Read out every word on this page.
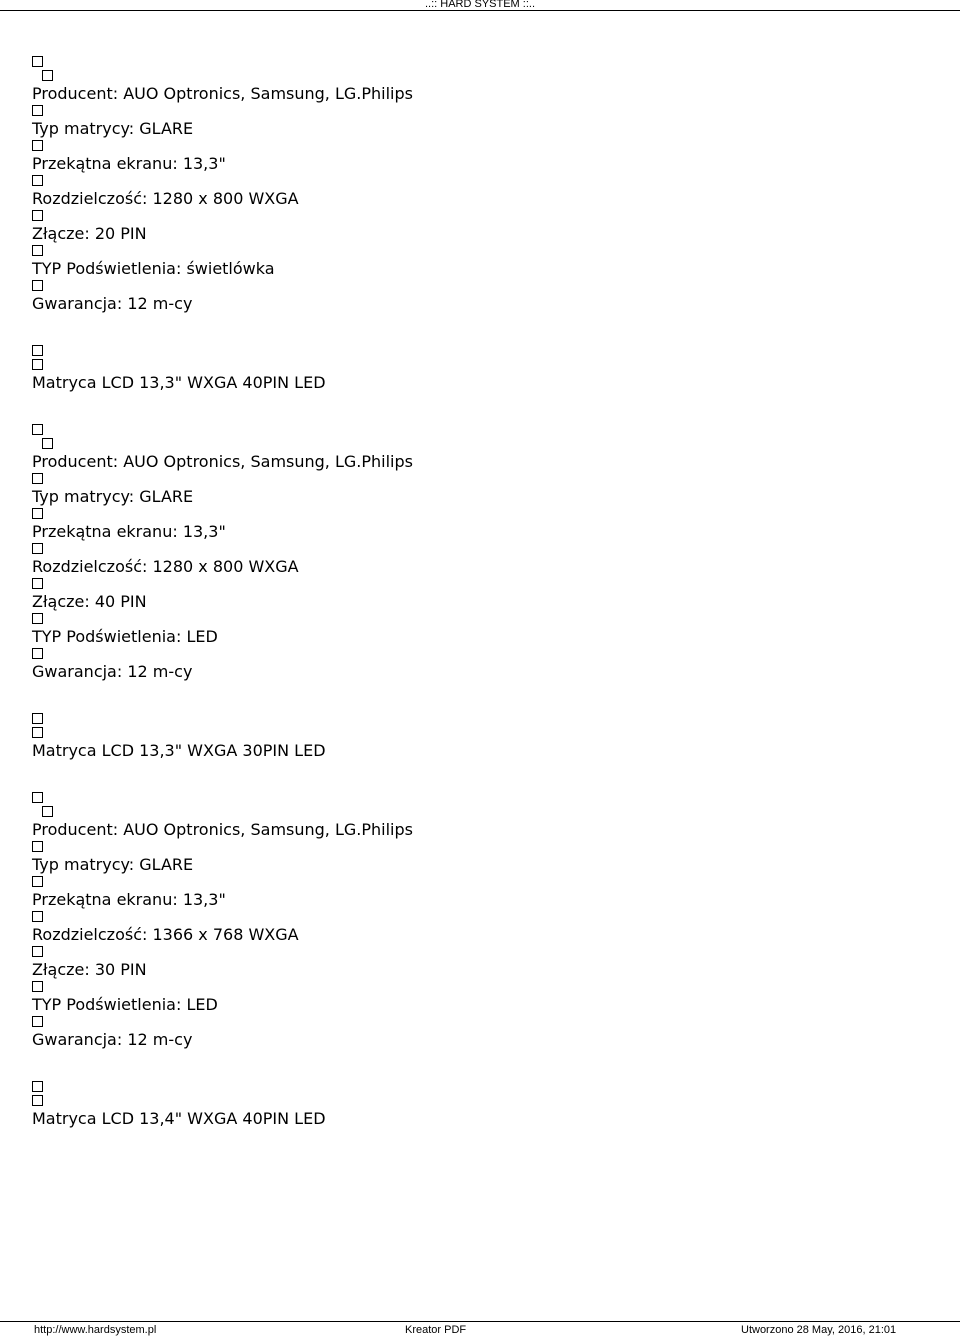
..:: HARD SYSTEM ::..
Producent: AUO Optronics, Samsung, LG.Philips
Typ matrycy: GLARE
Przekątna ekranu: 13,3"
Rozdzielczość: 1280 x 800 WXGA
Złącze: 20 PIN
TYP Podświetlenia: świetlówka
Gwarancja: 12 m-cy
Matryca LCD 13,3" WXGA 40PIN LED
Producent: AUO Optronics, Samsung, LG.Philips
Typ matrycy: GLARE
Przekątna ekranu: 13,3"
Rozdzielczość: 1280 x 800 WXGA
Złącze: 40 PIN
TYP Podświetlenia: LED
Gwarancja: 12 m-cy
Matryca LCD 13,3" WXGA 30PIN LED
Producent: AUO Optronics, Samsung, LG.Philips
Typ matrycy: GLARE
Przekątna ekranu: 13,3"
Rozdzielczość: 1366 x 768 WXGA
Złącze: 30 PIN
TYP Podświetlenia: LED
Gwarancja: 12 m-cy
Matryca LCD 13,4" WXGA 40PIN LED
http://www.hardsystem.pl	Kreator PDF	Utworzono 28 May, 2016, 21:01
